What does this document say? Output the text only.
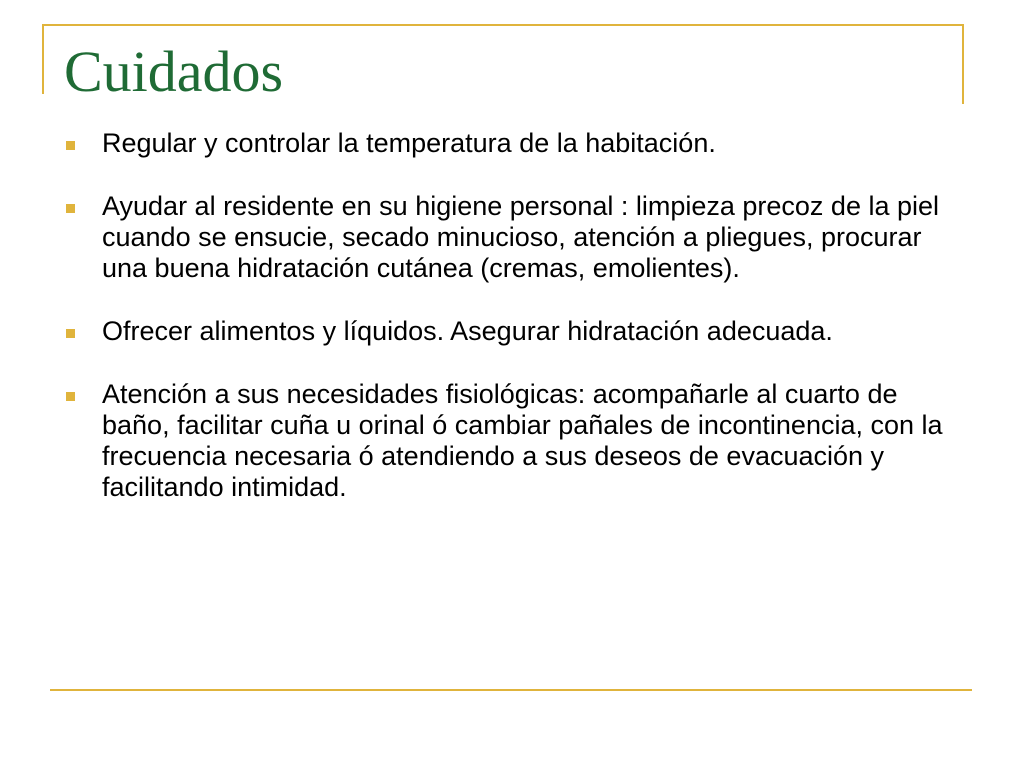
Cuidados
Regular y controlar la temperatura de la habitación.
Ayudar al residente en su higiene personal : limpieza precoz de la piel cuando se ensucie, secado minucioso, atención a pliegues, procurar una buena hidratación cutánea (cremas, emolientes).
Ofrecer alimentos y líquidos. Asegurar hidratación adecuada.
Atención a sus necesidades fisiológicas: acompañarle al cuarto de baño, facilitar cuña u orinal ó cambiar pañales de incontinencia, con la frecuencia necesaria ó atendiendo a sus deseos de evacuación y facilitando intimidad.
